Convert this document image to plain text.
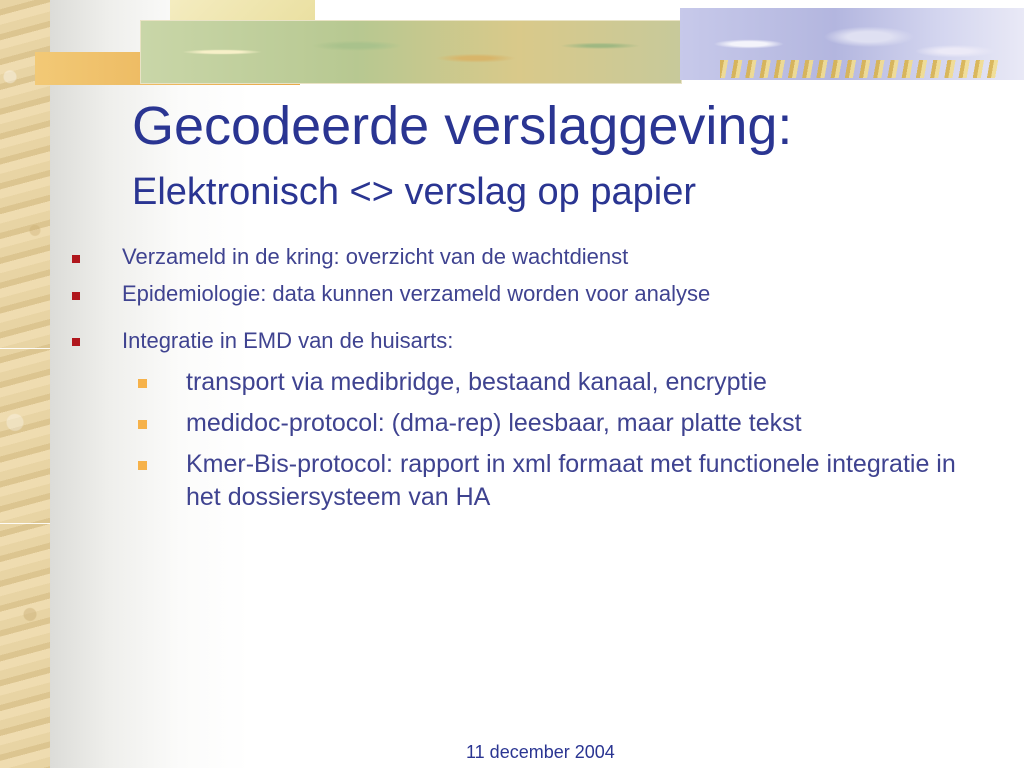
Gecodeerde verslaggeving:
Elektronisch <> verslag op papier
Verzameld in de kring: overzicht van de wachtdienst
Epidemiologie: data kunnen verzameld worden voor analyse
Integratie in EMD van de huisarts:
transport via medibridge, bestaand kanaal, encryptie
medidoc-protocol: (dma-rep) leesbaar, maar platte tekst
Kmer-Bis-protocol: rapport in xml formaat met functionele integratie in het dossiersysteem van HA
11 december 2004
